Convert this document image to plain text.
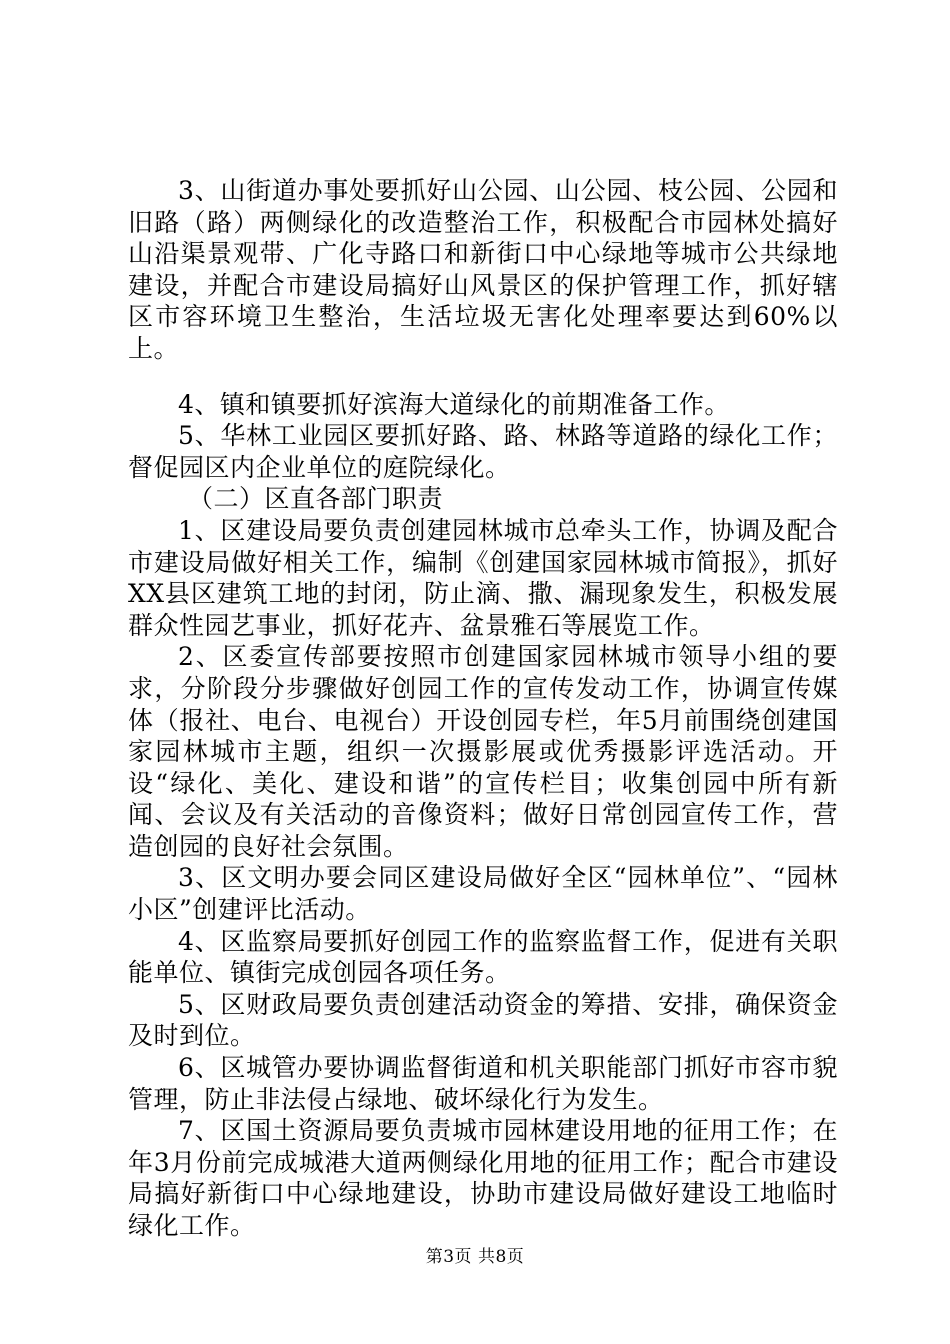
3、山街道办事处要抓好山公园、山公园、枝公园、公园和旧路（路）两侧绿化的改造整治工作，积极配合市园林处搞好山沿渠景观带、广化寺路口和新街口中心绿地等城市公共绿地建设，并配合市建设局搞好山风景区的保护管理工作，抓好辖区市容环境卫生整治，生活垃圾无害化处理率要达到60%以上。

4、镇和镇要抓好滨海大道绿化的前期准备工作。

5、华林工业园区要抓好路、路、林路等道路的绿化工作；督促园区内企业单位的庭院绿化。

（二）区直各部门职责

1、区建设局要负责创建园林城市总牵头工作，协调及配合市建设局做好相关工作，编制《创建国家园林城市简报》，抓好XX县区建筑工地的封闭，防止滴、撒、漏现象发生，积极发展群众性园艺事业，抓好花卉、盆景雅石等展览工作。

2、区委宣传部要按照市创建国家园林城市领导小组的要求，分阶段分步骤做好创园工作的宣传发动工作，协调宣传媒体（报社、电台、电视台）开设创园专栏，年5月前围绕创建国家园林城市主题，组织一次摄影展或优秀摄影评选活动。开设“绿化、美化、建设和谐”的宣传栏目；收集创园中所有新闻、会议及有关活动的音像资料；做好日常创园宣传工作，营造创园的良好社会氛围。

3、区文明办要会同区建设局做好全区“园林单位”、“园林小区”创建评比活动。

4、区监察局要抓好创园工作的监察监督工作，促进有关职能单位、镇街完成创园各项任务。

5、区财政局要负责创建活动资金的筹措、安排，确保资金及时到位。

6、区城管办要协调监督街道和机关职能部门抓好市容市貌管理，防止非法侵占绿地、破坏绿化行为发生。

7、区国土资源局要负责城市园林建设用地的征用工作；在年3月份前完成城港大道两侧绿化用地的征用工作；配合市建设局搞好新街口中心绿地建设，协助市建设局做好建设工地临时绿化工作。

第3页 共8页
